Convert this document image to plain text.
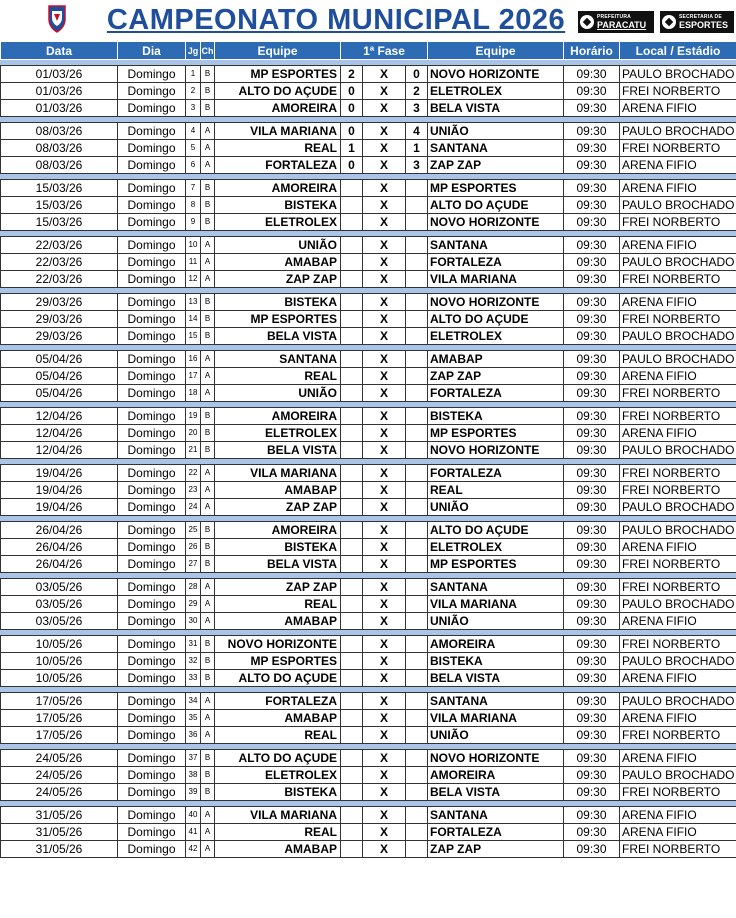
CAMPEONATO MUNICIPAL 2026	PREFEITURA
PARACATU
SECRETARIA DE
ESPORTES
Data	Dia	Jg	Ch	Equipe	1ª Fase			Equipe	Horário	Local / Estádio

01/03/26	Domingo	1	B	MP ESPORTES	2	X	0	NOVO HORIZONTE	09:30	PAULO BROCHADO
01/03/26	Domingo	2	B	ALTO DO AÇUDE	0	X	2	ELETROLEX	09:30	FREI NORBERTO
01/03/26	Domingo	3	B	AMOREIRA	0	X	3	BELA VISTA	09:30	ARENA FIFIO

08/03/26	Domingo	4	A	VILA MARIANA	0	X	4	UNIÃO	09:30	PAULO BROCHADO
08/03/26	Domingo	5	A	REAL	1	X	1	SANTANA	09:30	FREI NORBERTO
08/03/26	Domingo	6	A	FORTALEZA	0	X	3	ZAP ZAP	09:30	ARENA FIFIO

15/03/26	Domingo	7	B	AMOREIRA		X		MP ESPORTES	09:30	ARENA FIFIO
15/03/26	Domingo	8	B	BISTEKA		X		ALTO DO AÇUDE	09:30	PAULO BROCHADO
15/03/26	Domingo	9	B	ELETROLEX		X		NOVO HORIZONTE	09:30	FREI NORBERTO

22/03/26	Domingo	10	A	UNIÃO		X		SANTANA	09:30	ARENA FIFIO
22/03/26	Domingo	11	A	AMABAP		X		FORTALEZA	09:30	PAULO BROCHADO
22/03/26	Domingo	12	A	ZAP ZAP		X		VILA MARIANA	09:30	FREI NORBERTO

29/03/26	Domingo	13	B	BISTEKA		X		NOVO HORIZONTE	09:30	ARENA FIFIO
29/03/26	Domingo	14	B	MP ESPORTES		X		ALTO DO AÇUDE	09:30	FREI NORBERTO
29/03/26	Domingo	15	B	BELA VISTA		X		ELETROLEX	09:30	PAULO BROCHADO

05/04/26	Domingo	16	A	SANTANA		X		AMABAP	09:30	PAULO BROCHADO
05/04/26	Domingo	17	A	REAL		X		ZAP ZAP	09:30	ARENA FIFIO
05/04/26	Domingo	18	A	UNIÃO		X		FORTALEZA	09:30	FREI NORBERTO

12/04/26	Domingo	19	B	AMOREIRA		X		BISTEKA	09:30	FREI NORBERTO
12/04/26	Domingo	20	B	ELETROLEX		X		MP ESPORTES	09:30	ARENA FIFIO
12/04/26	Domingo	21	B	BELA VISTA		X		NOVO HORIZONTE	09:30	PAULO BROCHADO

19/04/26	Domingo	22	A	VILA MARIANA		X		FORTALEZA	09:30	FREI NORBERTO
19/04/26	Domingo	23	A	AMABAP		X		REAL	09:30	FREI NORBERTO
19/04/26	Domingo	24	A	ZAP ZAP		X		UNIÃO	09:30	PAULO BROCHADO

26/04/26	Domingo	25	B	AMOREIRA		X		ALTO DO AÇUDE	09:30	PAULO BROCHADO
26/04/26	Domingo	26	B	BISTEKA		X		ELETROLEX	09:30	ARENA FIFIO
26/04/26	Domingo	27	B	BELA VISTA		X		MP ESPORTES	09:30	FREI NORBERTO

03/05/26	Domingo	28	A	ZAP ZAP		X		SANTANA	09:30	FREI NORBERTO
03/05/26	Domingo	29	A	REAL		X		VILA MARIANA	09:30	PAULO BROCHADO
03/05/26	Domingo	30	A	AMABAP		X		UNIÃO	09:30	ARENA FIFIO

10/05/26	Domingo	31	B	NOVO HORIZONTE		X		AMOREIRA	09:30	FREI NORBERTO
10/05/26	Domingo	32	B	MP ESPORTES		X		BISTEKA	09:30	PAULO BROCHADO
10/05/26	Domingo	33	B	ALTO DO AÇUDE		X		BELA VISTA	09:30	ARENA FIFIO

17/05/26	Domingo	34	A	FORTALEZA		X		SANTANA	09:30	PAULO BROCHADO
17/05/26	Domingo	35	A	AMABAP		X		VILA MARIANA	09:30	ARENA FIFIO
17/05/26	Domingo	36	A	REAL		X		UNIÃO	09:30	FREI NORBERTO

24/05/26	Domingo	37	B	ALTO DO AÇUDE		X		NOVO HORIZONTE	09:30	ARENA FIFIO
24/05/26	Domingo	38	B	ELETROLEX		X		AMOREIRA	09:30	PAULO BROCHADO
24/05/26	Domingo	39	B	BISTEKA		X		BELA VISTA	09:30	FREI NORBERTO

31/05/26	Domingo	40	A	VILA MARIANA		X		SANTANA	09:30	ARENA FIFIO
31/05/26	Domingo	41	A	REAL		X		FORTALEZA	09:30	ARENA FIFIO
31/05/26	Domingo	42	A	AMABAP		X		ZAP ZAP	09:30	FREI NORBERTO
